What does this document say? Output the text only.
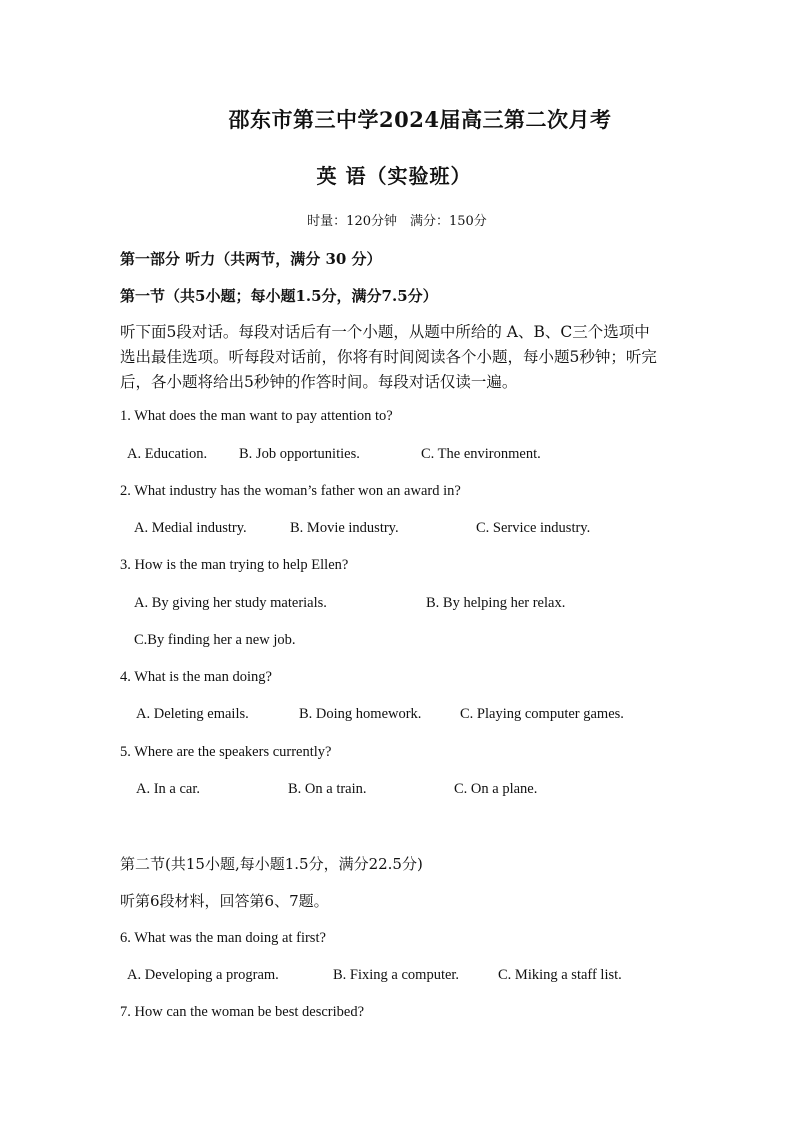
邵东市第三中学2024届高三第二次月考
英 语（实验班）
时量：120分钟　满分：150分
第一部分 听力（共两节，满分 30 分）
第一节（共5小题；每小题1.5分，满分7.5分）
听下面5段对话。每段对话后有一个小题，从题中所给的 A、B、C三个选项中
选出最佳选项。听每段对话前，你将有时间阅读各个小题，每小题5秒钟；听完
后，各小题将给出5秒钟的作答时间。每段对话仅读一遍。
1. What does the man want to pay attention to?
A. Education. B. Job opportunities.	C. The environment.
2. What industry has the woman’s father won an award in?
A. Medial industry.	B. Movie industry.	C. Service industry.
3. How is the man trying to help Ellen?
A. By giving her study materials.	B. By helping her relax.
C.By finding her a new job.
4. What is the man doing?
A. Deleting emails.	B. Doing homework.	C. Playing computer games.
5. Where are the speakers currently?
A. In a car.	B. On a train.	C. On a plane.
第二节(共15小题,每小题1.5分，满分22.5分)
听第6段材料，回答第6、7题。
6. What was the man doing at first?
A. Developing a program.	B. Fixing a computer.	C. Miking a staff list.
7. How can the woman be best described?
